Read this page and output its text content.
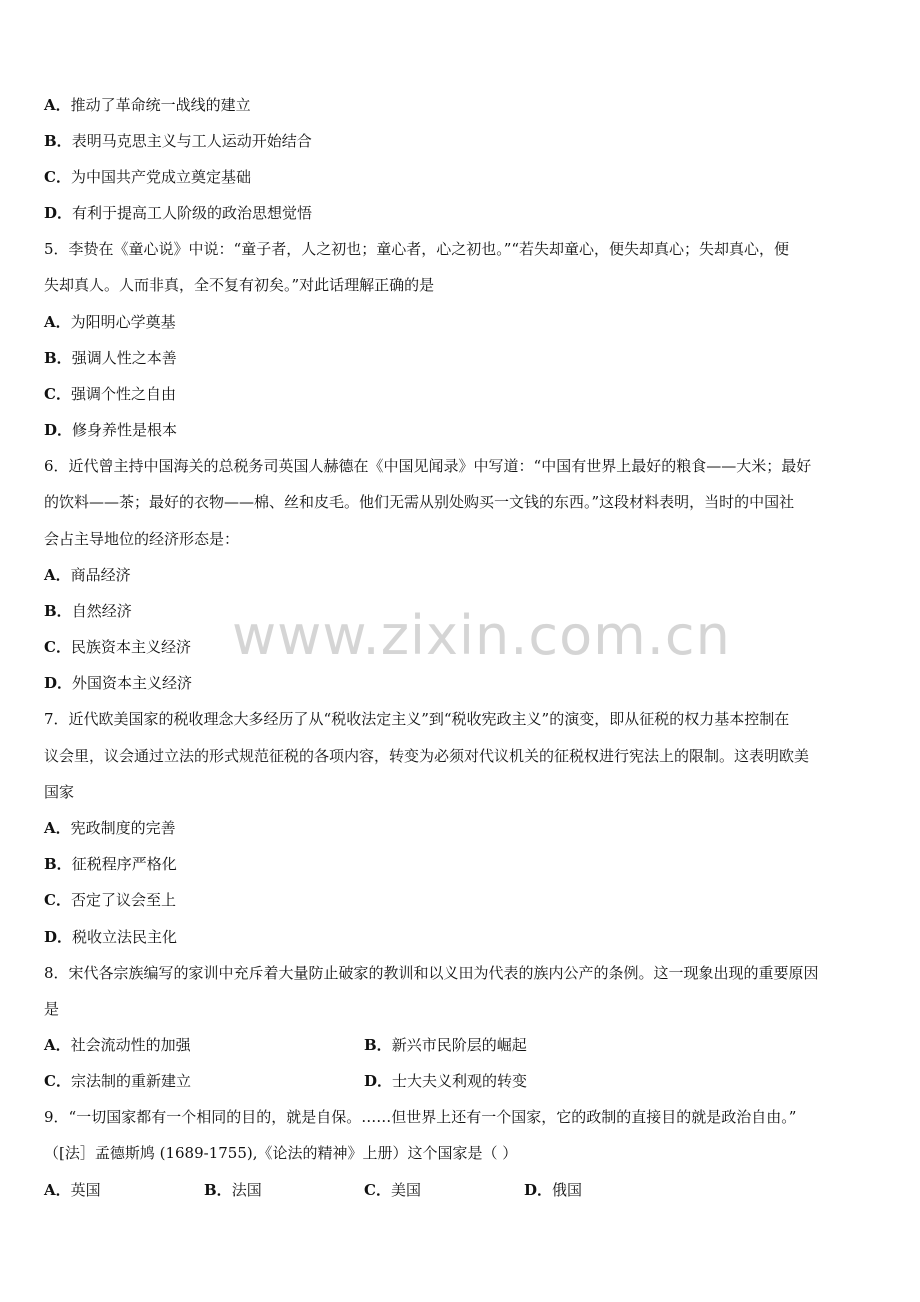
A．推动了革命统一战线的建立
B．表明马克思主义与工人运动开始结合
C．为中国共产党成立奠定基础
D．有利于提高工人阶级的政治思想觉悟
5．李贽在《童心说》中说：“童子者，人之初也；童心者，心之初也。”“若失却童心，便失却真心；失却真心，便
失却真人。人而非真，全不复有初矣。”对此话理解正确的是
A．为阳明心学奠基
B．强调人性之本善
C．强调个性之自由
D．修身养性是根本
6．近代曾主持中国海关的总税务司英国人赫德在《中国见闻录》中写道：“中国有世界上最好的粮食——大米；最好
的饮料——茶；最好的衣物——棉、丝和皮毛。他们无需从别处购买一文钱的东西。”这段材料表明，当时的中国社
会占主导地位的经济形态是：
A．商品经济
B．自然经济
C．民族资本主义经济
D．外国资本主义经济
7．近代欧美国家的税收理念大多经历了从“税收法定主义”到“税收宪政主义”的演变，即从征税的权力基本控制在
议会里，议会通过立法的形式规范征税的各项内容，转变为必须对代议机关的征税权进行宪法上的限制。这表明欧美
国家
A．宪政制度的完善
B．征税程序严格化
C．否定了议会至上
D．税收立法民主化
8．宋代各宗族编写的家训中充斥着大量防止破家的教训和以义田为代表的族内公产的条例。这一现象出现的重要原因
是
A．社会流动性的加强	B．新兴市民阶层的崛起
C．宗法制的重新建立	D．士大夫义利观的转变
9．“一切国家都有一个相同的目的，就是自保。……但世界上还有一个国家，它的政制的直接目的就是政治自由。”
（[法］孟德斯鸠 (1689-1755),《论法的精神》上册）这个国家是（ ）
A．英国	B．法国	C．美国	D．俄国
www.zixin.com.cn
